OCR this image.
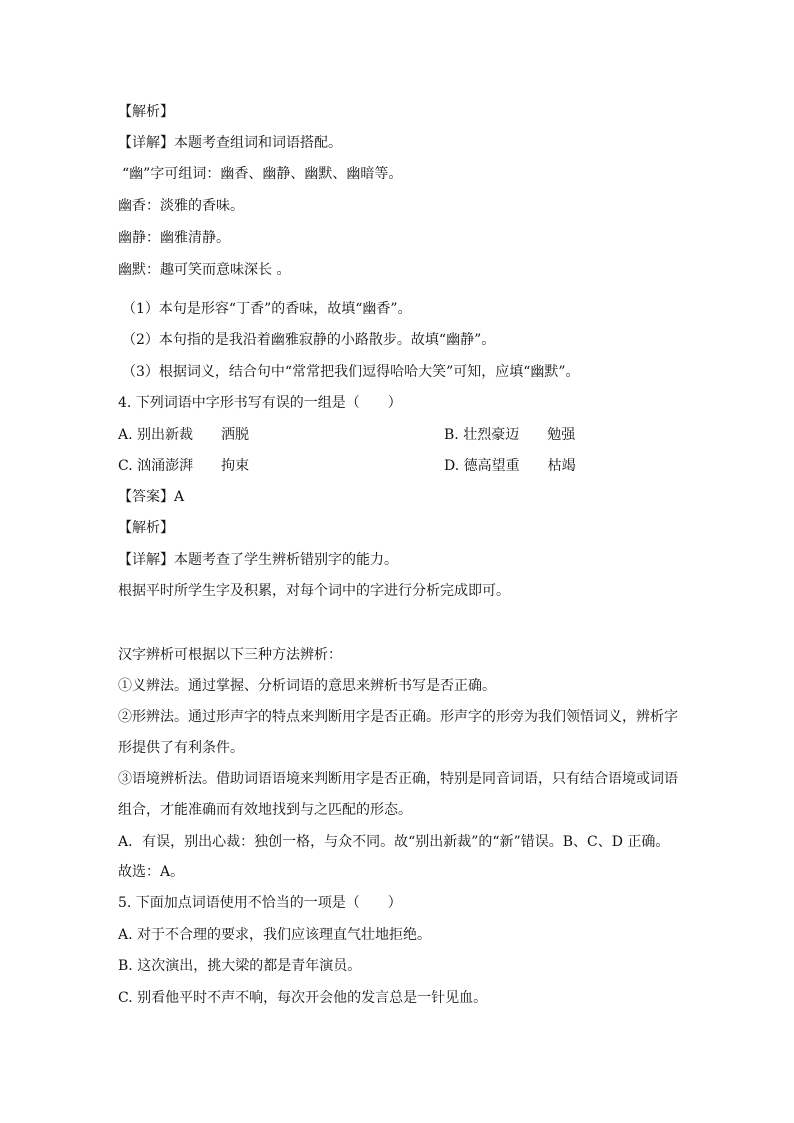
【解析】
【详解】本题考查组词和词语搭配。
“幽”字可组词：幽香、幽静、幽默、幽暗等。
幽香：淡雅的香味。
幽静：幽雅清静。
幽默：趣可笑而意味深长 。
（1）本句是形容“丁香”的香味，故填“幽香”。
（2）本句指的是我沿着幽雅寂静的小路散步。故填“幽静”。
（3）根据词义，结合句中“常常把我们逗得哈哈大笑”可知，应填“幽默”。
4. 下列词语中字形书写有误的一组是（　　）
A. 别出新裁 洒脱	B. 壮烈豪迈 勉强
C. 汹涌澎湃 拘束	D. 德高望重 枯竭
【答案】A
【解析】
【详解】本题考查了学生辨析错别字的能力。
根据平时所学生字及积累，对每个词中的字进行分析完成即可。
汉字辨析可根据以下三种方法辨析：
①义辨法。通过掌握、分析词语的意思来辨析书写是否正确。
②形辨法。通过形声字的特点来判断用字是否正确。形声字的形旁为我们领悟词义，辨析字
形提供了有利条件。
③语境辨析法。借助词语语境来判断用字是否正确，特别是同音词语，只有结合语境或词语
组合，才能准确而有效地找到与之匹配的形态。
A．有误，别出心裁：独创一格，与众不同。故“别出新裁”的“新”错误。B、C、D 正确。
故选：A。
5. 下面加点词语使用不恰当的一项是（　　）
A. 对于不合理的要求，我们应该理直气壮地拒绝。
B. 这次演出，挑大梁的都是青年演员。
C. 别看他平时不声不响，每次开会他的发言总是一针见血。
